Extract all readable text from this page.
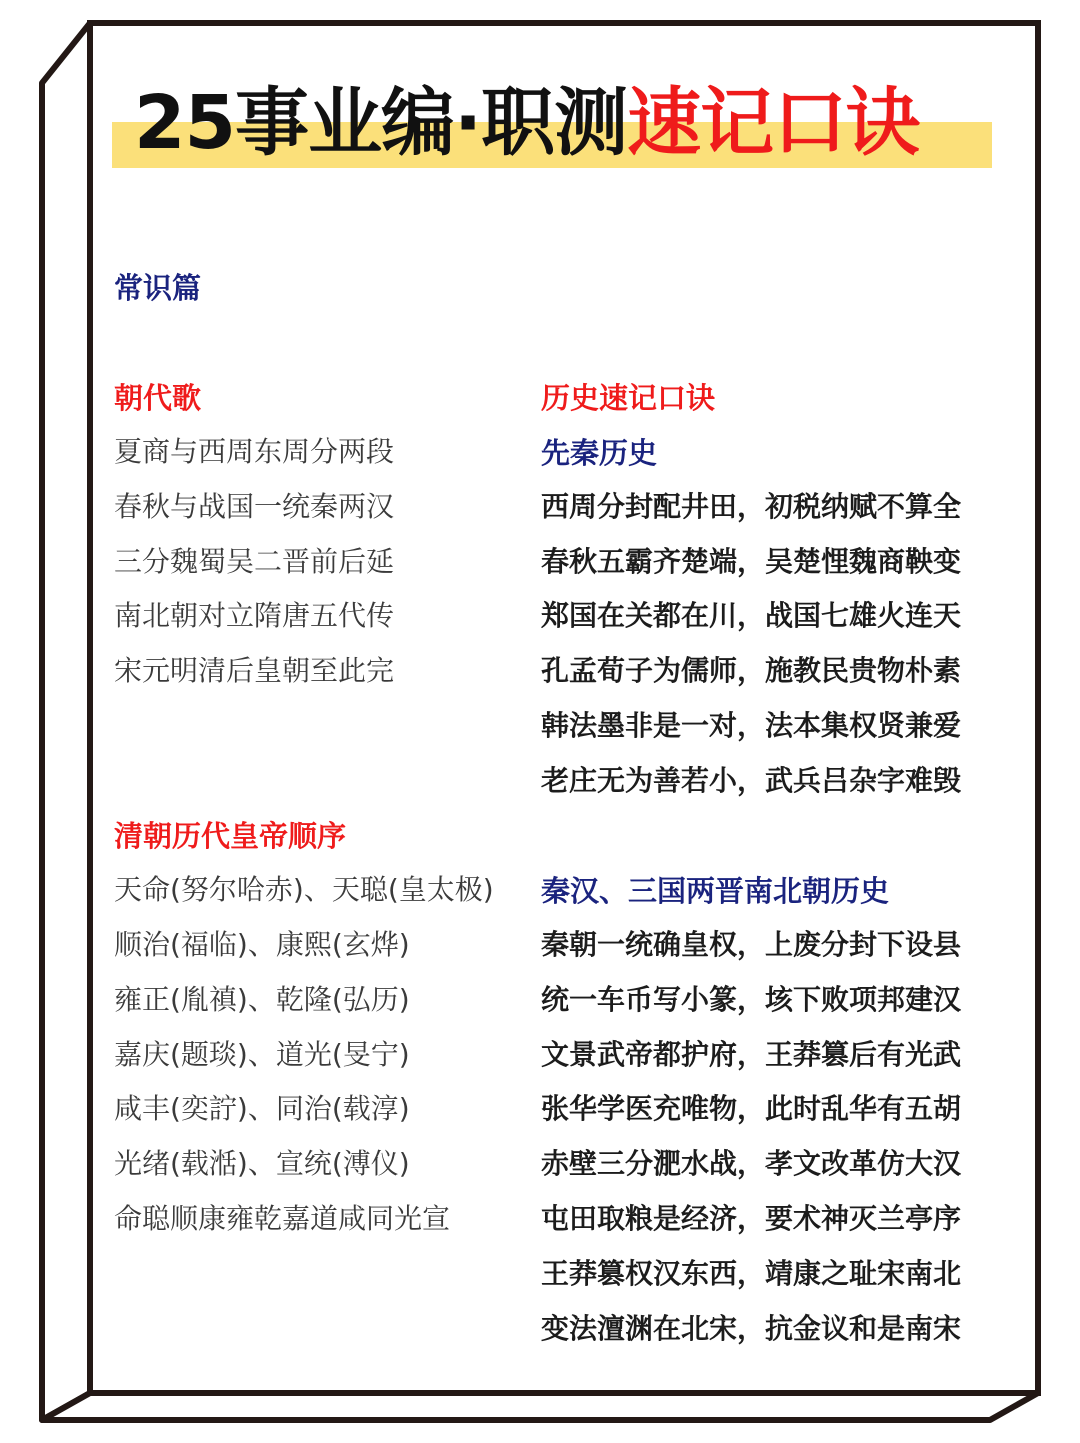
25事业编·职测速记口诀
常识篇
朝代歌
夏商与西周东周分两段
春秋与战国一统秦两汉
三分魏蜀吴二晋前后延
南北朝对立隋唐五代传
宋元明清后皇朝至此完
清朝历代皇帝顺序
天命(努尔哈赤)、天聪(皇太极)
顺治(福临)、康熙(玄烨)
雍正(胤禛)、乾隆(弘历)
嘉庆(题琰)、道光(旻宁)
咸丰(奕詝)、同治(载淳)
光绪(载湉)、宣统(溥仪)
命聪顺康雍乾嘉道咸同光宣
历史速记口诀
先秦历史
西周分封配井田，初税纳赋不算全
春秋五霸齐楚端，吴楚悝魏商鞅变
郑国在关都在川，战国七雄火连天
孔孟荀子为儒师，施教民贵物朴素
韩法墨非是一对，法本集权贤兼爱
老庄无为善若小，武兵吕杂字难毁
秦汉、三国两晋南北朝历史
秦朝一统确皇权，上废分封下设县
统一车币写小篆，垓下败项邦建汉
文景武帝都护府，王莽篡后有光武
张华学医充唯物，此时乱华有五胡
赤壁三分淝水战，孝文改革仿大汉
屯田取粮是经济，要术神灭兰亭序
王莽篡权汉东西，靖康之耻宋南北
变法澶渊在北宋，抗金议和是南宋
